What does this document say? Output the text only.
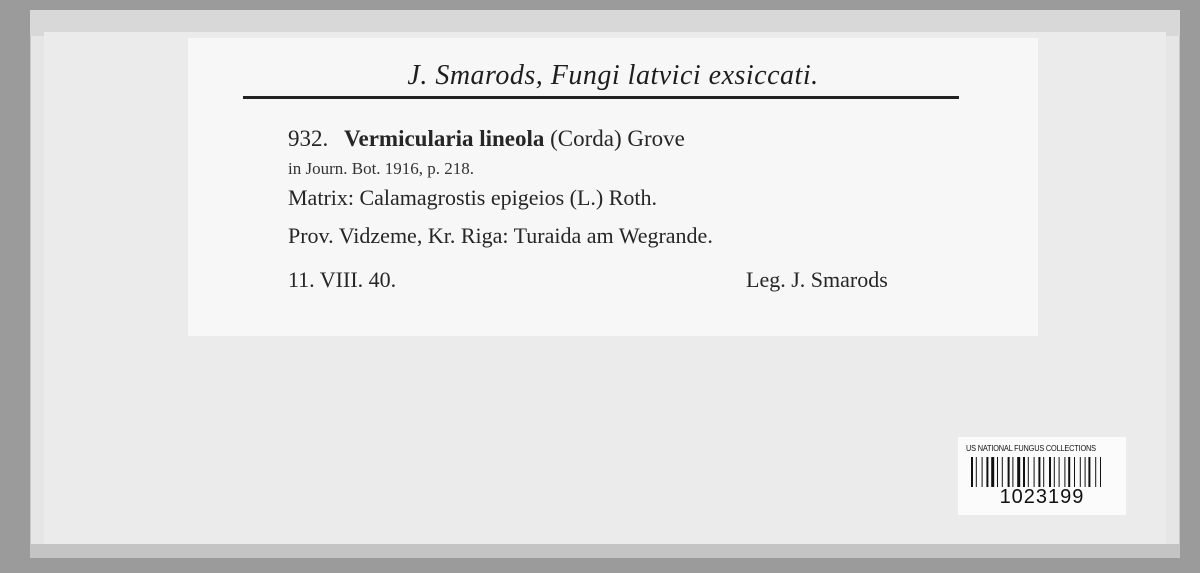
J. Smarods, Fungi latvici exsiccati.
932. Vermicularia lineola (Corda) Grove
in Journ. Bot. 1916, p. 218.
Matrix: Calamagrostis epigeios (L.) Roth.
Prov. Vidzeme, Kr. Riga: Turaida am Wegrande.
11. VIII. 40.	Leg. J. Smarods
US NATIONAL FUNGUS COLLECTIONS
1023199
